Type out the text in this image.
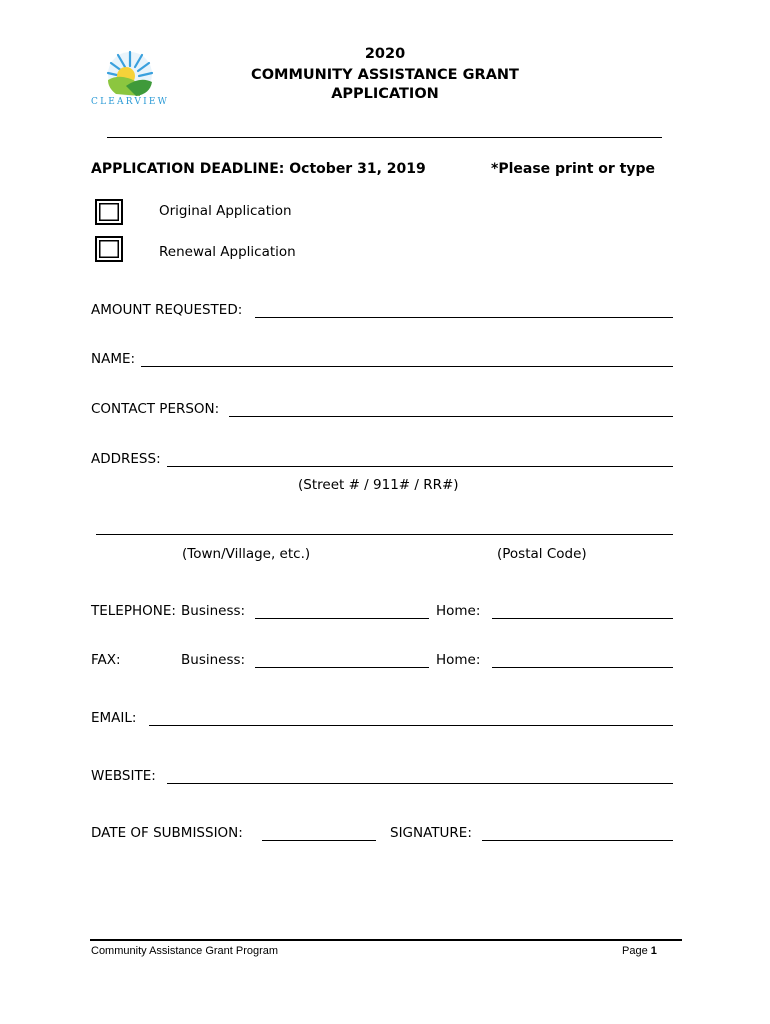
CLEARVIEW
2020
COMMUNITY ASSISTANCE GRANT
APPLICATION
APPLICATION DEADLINE: October 31, 2019	*Please print or type
Original Application
Renewal Application
AMOUNT REQUESTED:
NAME:
CONTACT PERSON:
ADDRESS:
(Street # / 911# / RR#)
(Town/Village, etc.)	(Postal Code)
TELEPHONE: Business:	Home:
FAX:	Business:	Home:
EMAIL:
WEBSITE:
DATE OF SUBMISSION:	SIGNATURE:
Community Assistance Grant Program	Page 1
